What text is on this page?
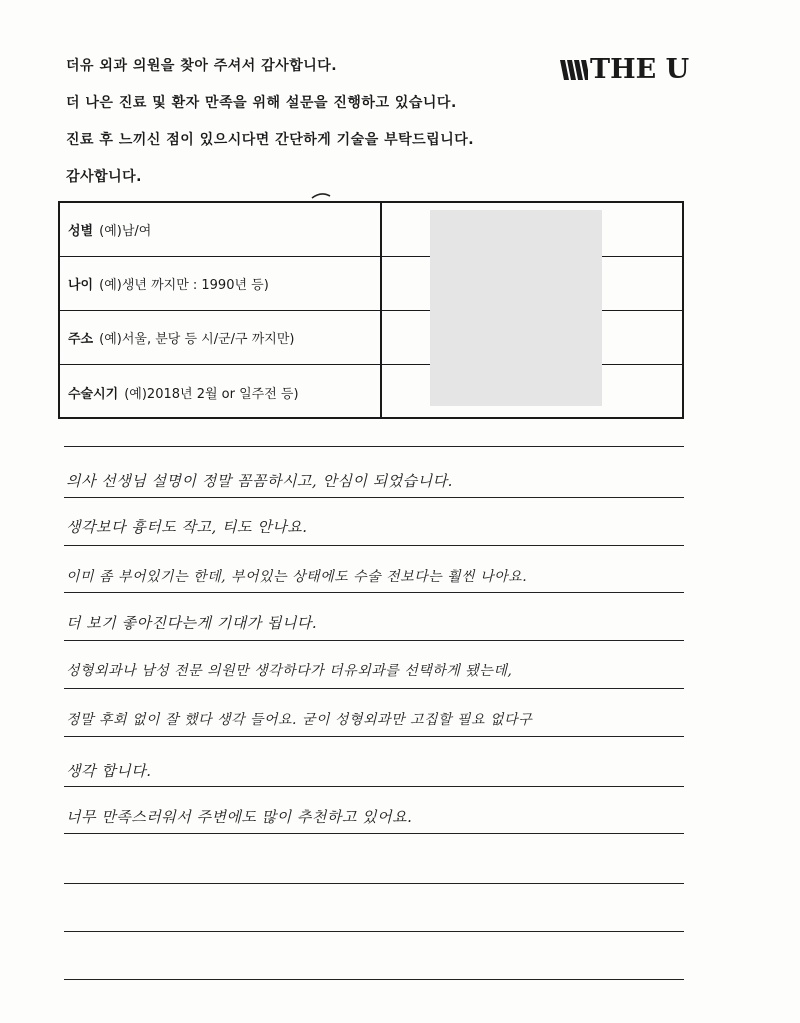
더유 외과 의원을 찾아 주셔서 감사합니다.
더 나은 진료 및 환자 만족을 위해 설문을 진행하고 있습니다.
진료 후 느끼신 점이 있으시다면 간단하게 기술을 부탁드립니다.
감사합니다.
THE U
성별 (예)남/여
나이 (예)생년 까지만 : 1990년 등)
주소 (예)서울, 분당 등 시/군/구 까지만)
수술시기 (예)2018년 2월 or 일주전 등)
의사 선생님 설명이 정말 꼼꼼하시고, 안심이 되었습니다.
생각보다 흉터도 작고, 티도 안나요.
이미 좀 부어있기는 한데, 부어있는 상태에도 수술 전보다는 훨씬 나아요.
더 보기 좋아진다는게 기대가 됩니다.
성형외과나 남성 전문 의원만 생각하다가 더유외과를 선택하게 됐는데,
정말 후회 없이 잘 했다 생각 들어요. 굳이 성형외과만 고집할 필요 없다구
생각 합니다.
너무 만족스러워서 주변에도 많이 추천하고 있어요.
